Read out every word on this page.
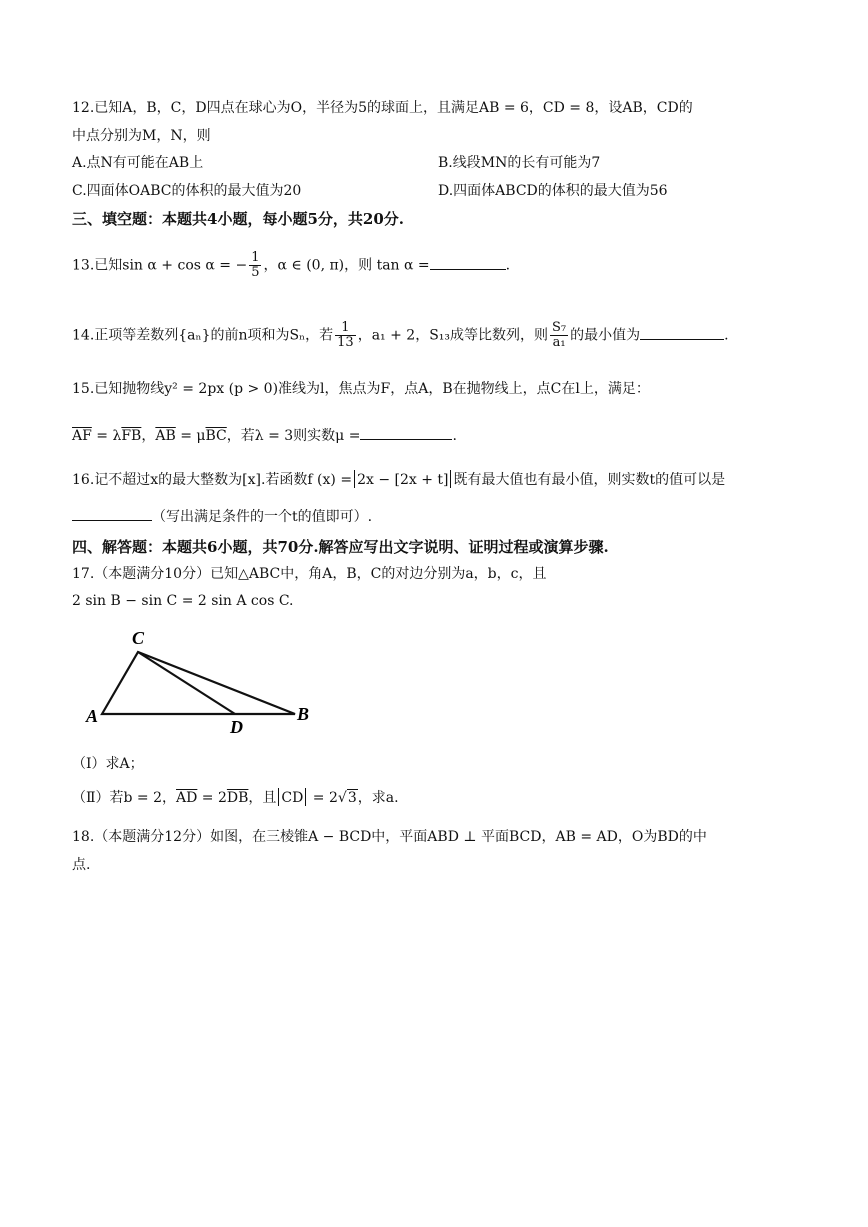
12.已知A，B，C，D四点在球心为O，半径为5的球面上，且满足AB = 6，CD = 8，设AB，CD的
中点分别为M，N，则
A.点N有可能在AB上	B.线段MN的长有可能为7
C.四面体OABC的体积的最大值为20	D.四面体ABCD的体积的最大值为56
三、填空题：本题共4小题，每小题5分，共20分.
13.已知sin α + cos α = − $\frac{1}{5}$ ，α ∈ (0, π)，则 tan α =	.
14.正项等差数列{aₙ}的前n项和为Sₙ，若 $\frac{1}{13}$ ，a₁ + 2，S₁₃成等比数列，则 $\frac{\text{S₇}}{\text{a₁}}$ 的最小值为	.
15.已知抛物线y² = 2px (p > 0)准线为l，焦点为F，点A，B在抛物线上，点C在l上，满足：
$\overline{AF} = \lambda\overline{FB}$，$\overline{AB} = \mu\overline{BC}$，若λ = 3则实数μ =	.
16.记不超过x的最大整数为[x].若函数f (x) = 2x − [2x + t] 既有最大值也有最小值，则实数t的值可以是
（写出满足条件的一个t的值即可）.
四、解答题：本题共6小题，共70分.解答应写出文字说明、证明过程或演算步骤.
17.（本题满分10分）已知△ABC中，角A，B，C的对边分别为a，b，c，且
2 sin B − sin C = 2 sin A cos C.
C
A	B
D
（Ⅰ）求A；
（Ⅱ）若b = 2，$\overline{AD} = 2\overline{DB}$，且 CD = 2√3，求a.
18.（本题满分12分）如图，在三棱锥A − BCD中，平面ABD ⊥ 平面BCD，AB = AD，O为BD的中
点.
